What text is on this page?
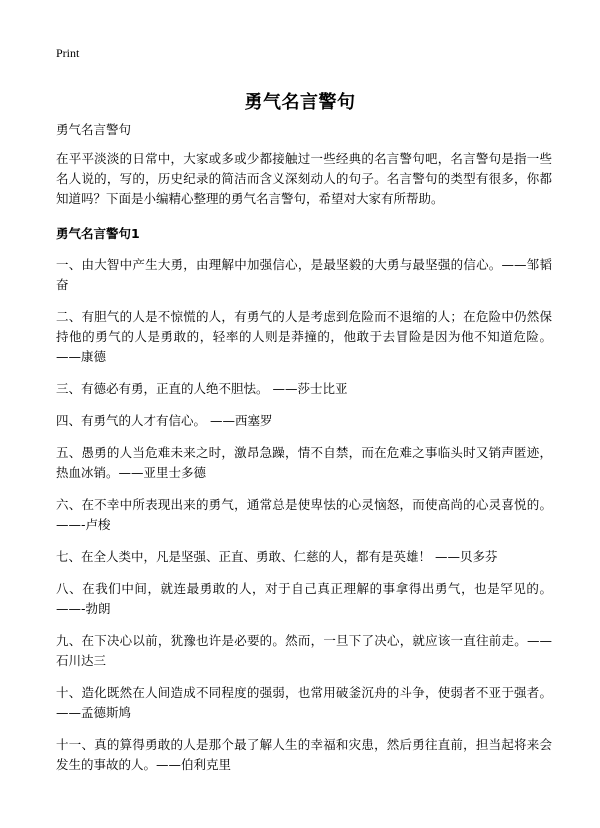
Print
勇气名言警句
勇气名言警句

在平平淡淡的日常中，大家或多或少都接触过一些经典的名言警句吧，名言警句是指一些名人说的，写的，历史纪录的简洁而含义深刻动人的句子。名言警句的类型有很多，你都知道吗？下面是小编精心整理的勇气名言警句，希望对大家有所帮助。

勇气名言警句1

一、由大智中产生大勇，由理解中加强信心，是最坚毅的大勇与最坚强的信心。——邹韬奋

二、有胆气的人是不惊慌的人，有勇气的人是考虑到危险而不退缩的人；在危险中仍然保持他的勇气的人是勇敢的，轻率的人则是莽撞的，他敢于去冒险是因为他不知道危险。——康德

三、有德必有勇，正直的人绝不胆怯。 ——莎士比亚

四、有勇气的人才有信心。 ——西塞罗

五、愚勇的人当危难未来之时，激昂急躁，情不自禁，而在危难之事临头时又销声匿迹，热血冰销。——亚里士多德

六、在不幸中所表现出来的勇气，通常总是使卑怯的心灵恼怒，而使高尚的心灵喜悦的。 ——-卢梭

七、在全人类中，凡是坚强、正直、勇敢、仁慈的人，都有是英雄！ ——贝多芬

八、在我们中间，就连最勇敢的人，对于自己真正理解的事拿得出勇气，也是罕见的。——-勃朗

九、在下决心以前，犹豫也许是必要的。然而，一旦下了决心，就应该一直往前走。——石川达三

十、造化既然在人间造成不同程度的强弱，也常用破釜沉舟的斗争，使弱者不亚于强者。——孟德斯鸠

十一、真的算得勇敢的人是那个最了解人生的幸福和灾患，然后勇往直前，担当起将来会发生的事故的人。——伯利克里
